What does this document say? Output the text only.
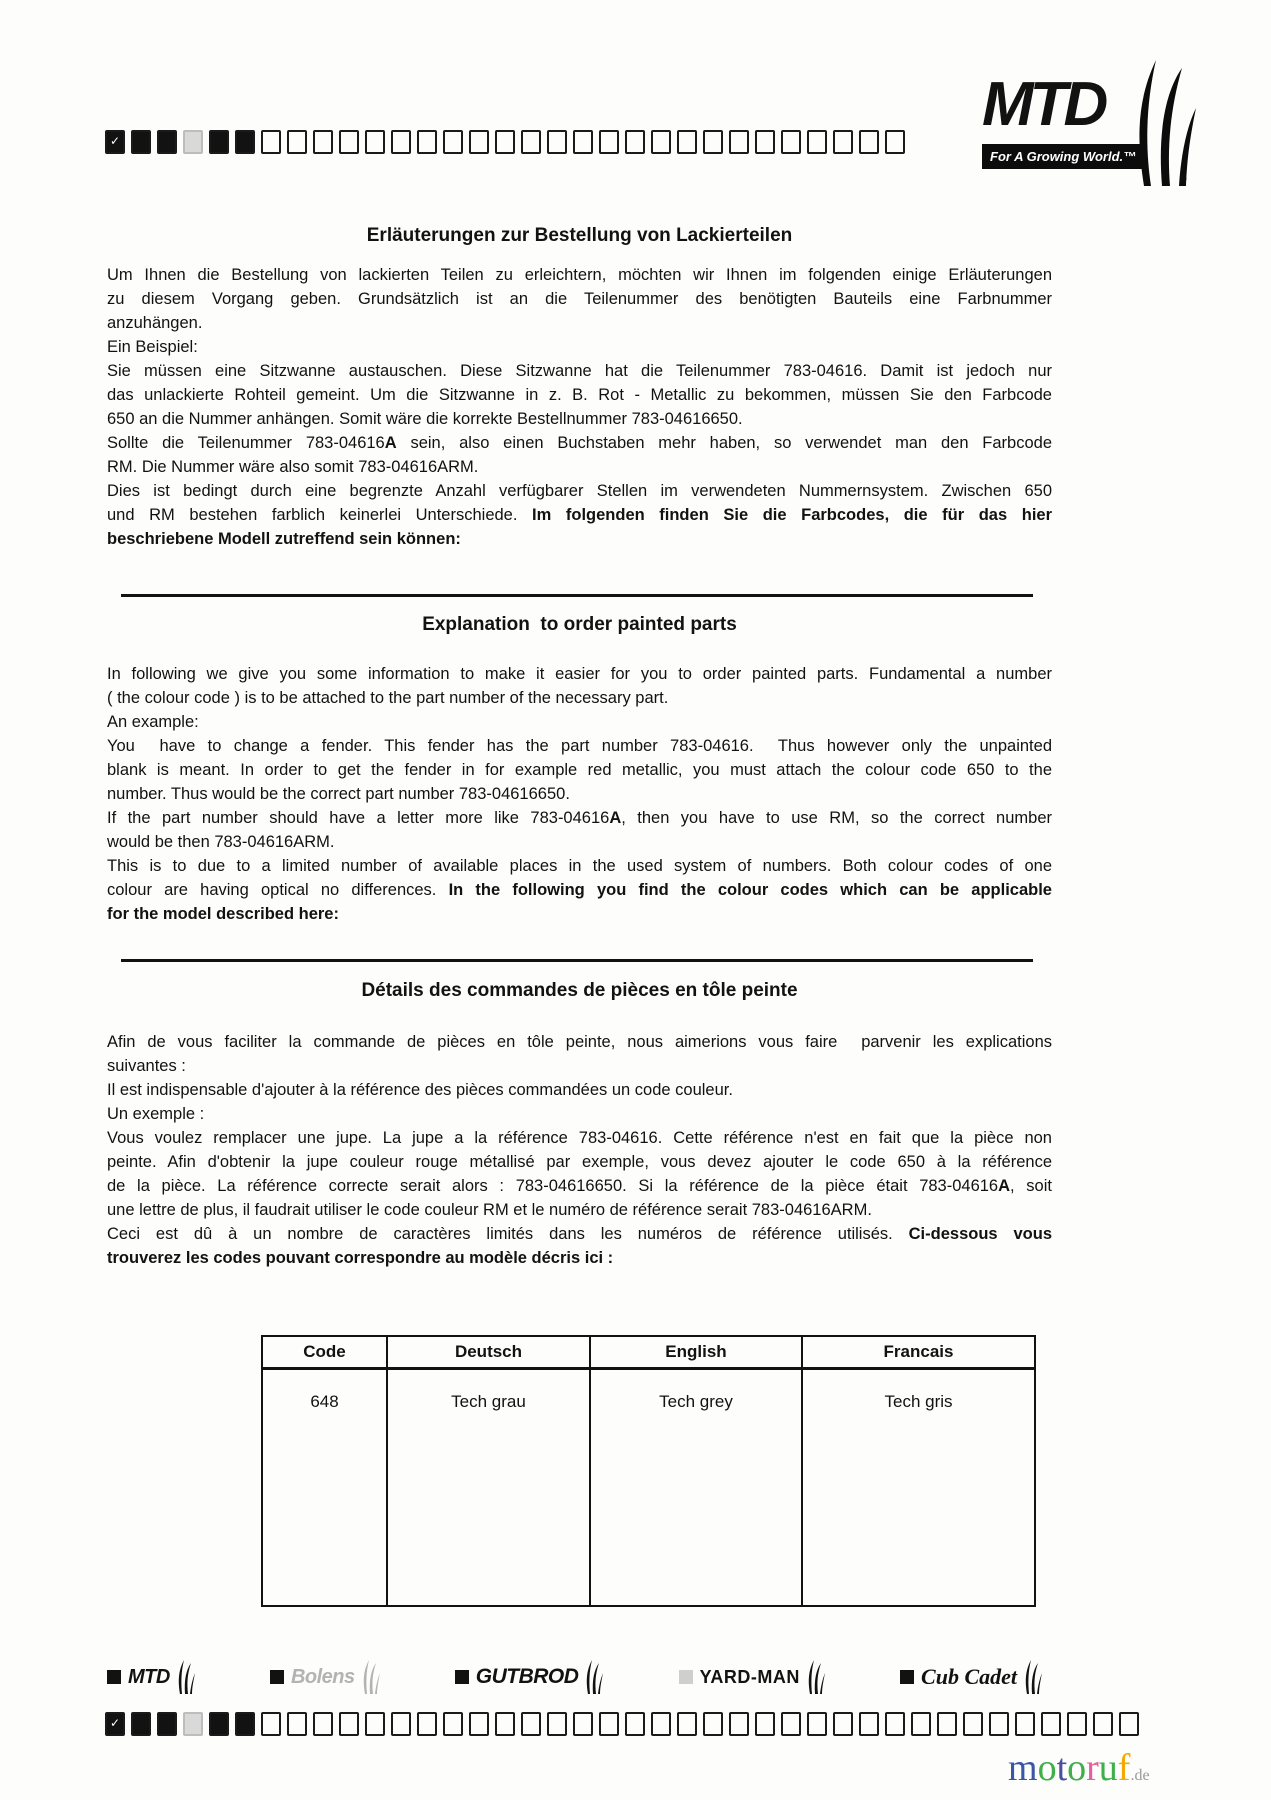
✓
MTD
For A Growing World.™
®
Erläuterungen zur Bestellung von Lackierteilen
Um Ihnen die Bestellung von lackierten Teilen zu erleichtern, möchten wir Ihnen im folgenden einige Erläuterungen
zu diesem Vorgang geben. Grundsätzlich ist an die Teilenummer des benötigten Bauteils eine Farbnummer
anzuhängen.
Ein Beispiel:
Sie müssen eine Sitzwanne austauschen. Diese Sitzwanne hat die Teilenummer 783-04616. Damit ist jedoch nur
das unlackierte Rohteil gemeint. Um die Sitzwanne in z. B. Rot - Metallic zu bekommen, müssen Sie den Farbcode
650 an die Nummer anhängen. Somit wäre die korrekte Bestellnummer 783-04616650.
Sollte die Teilenummer 783-04616A sein, also einen Buchstaben mehr haben, so verwendet man den Farbcode
RM. Die Nummer wäre also somit 783-04616ARM.
Dies ist bedingt durch eine begrenzte Anzahl verfügbarer Stellen im verwendeten Nummernsystem. Zwischen 650
und RM bestehen farblich keinerlei Unterschiede. Im folgenden finden Sie die Farbcodes, die für das hier
beschriebene Modell zutreffend sein können:
Explanation  to order painted parts
In following we give you some information to make it easier for you to order painted parts. Fundamental a number
( the colour code ) is to be attached to the part number of the necessary part.
An example:
You  have to change a fender. This fender has the part number 783-04616.  Thus however only the unpainted
blank is meant. In order to get the fender in for example red metallic, you must attach the colour code 650 to the
number. Thus would be the correct part number 783-04616650.
If the part number should have a letter more like 783-04616A, then you have to use RM, so the correct number
would be then 783-04616ARM.
This is to due to a limited number of available places in the used system of numbers. Both colour codes of one
colour are having optical no differences. In the following you find the colour codes which can be applicable
for the model described here:
Détails des commandes de pièces en tôle peinte
Afin de vous faciliter la commande de pièces en tôle peinte, nous aimerions vous faire  parvenir les explications
suivantes :
Il est indispensable d'ajouter à la référence des pièces commandées un code couleur.
Un exemple :
Vous voulez remplacer une jupe. La jupe a la référence 783-04616. Cette référence n'est en fait que la pièce non
peinte. Afin d'obtenir la jupe couleur rouge métallisé par exemple, vous devez ajouter le code 650 à la référence
de la pièce. La référence correcte serait alors : 783-04616650. Si la référence de la pièce était 783-04616A, soit
une lettre de plus, il faudrait utiliser le code couleur RM et le numéro de référence serait 783-04616ARM.
Ceci est dû à un nombre de caractères limités dans les numéros de référence utilisés. Ci-dessous vous
trouverez les codes pouvant correspondre au modèle décris ici :
Code	Deutsch	English	Francais
648	Tech grau	Tech grey	Tech gris
MTD	Bolens	GUTBROD	YARD-MAN	Cub Cadet
✓
motoruf.de
